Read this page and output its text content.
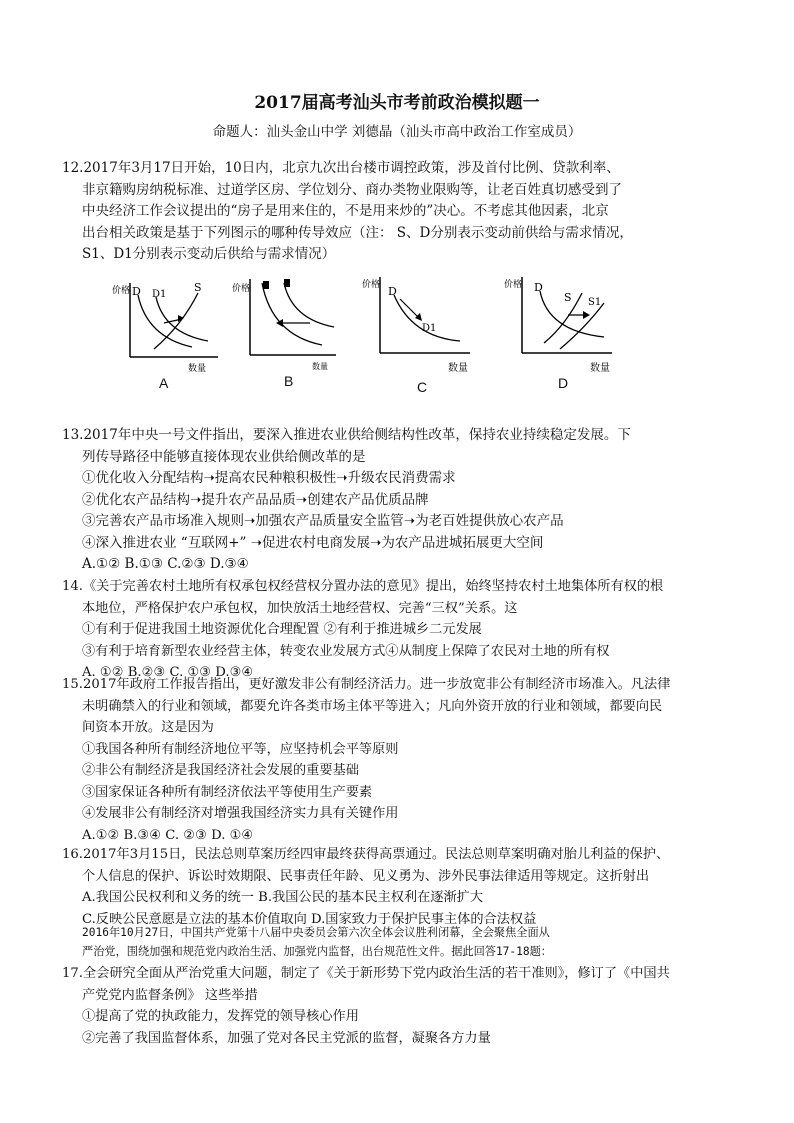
2017届高考汕头市考前政治模拟题一
命题人：汕头金山中学 刘德晶（汕头市高中政治工作室成员）

12.2017年3月17日开始，10日内，北京九次出台楼市调控政策，涉及首付比例、贷款利率、

非京籍购房纳税标准、过道学区房、学位划分、商办类物业限购等，让老百姓真切感受到了

中央经济工作会议提出的“房子是用来住的，不是用来炒的”决心。不考虑其他因素，北京

出台相关政策是基于下列图示的哪种传导效应（注： S、D分别表示变动前供给与需求情况，

S1、D1分别表示变动后供给与需求情况）

D D1
S
价格
数量
A
价格
数量
B
D
D1
价格
数量
C
D
S S1
价格
数量
D

13.2017年中央一号文件指出，要深入推进农业供给侧结构性改革，保持农业持续稳定发展。下

列传导路径中能够直接体现农业供给侧改革的是

①优化收入分配结构➝提高农民种粮积极性➝升级农民消费需求

②优化农产品结构➝提升农产品品质➝创建农产品优质品牌

③完善农产品市场准入规则➝加强农产品质量安全监管➝为老百姓提供放心农产品

④深入推进农业 “互联网+” ➝促进农村电商发展➝为农产品进城拓展更大空间

A.①② B.①③ C.②③ D.③④

14.《关于完善农村土地所有权承包权经营权分置办法的意见》提出，始终坚持农村土地集体所有权的根

本地位，严格保护农户承包权，加快放活土地经营权、完善“三权”关系。这

①有利于促进我国土地资源优化合理配置 ②有利于推进城乡二元发展

③有利于培育新型农业经营主体，转变农业发展方式④从制度上保障了农民对土地的所有权

A. ①② B.②③ C. ①③ D.③④

15.2017年政府工作报告指出，更好激发非公有制经济活力。进一步放宽非公有制经济市场准入。凡法律

未明确禁入的行业和领域，都要允许各类市场主体平等进入；凡向外资开放的行业和领域，都要向民

间资本开放。这是因为

①我国各种所有制经济地位平等，应坚持机会平等原则

②非公有制经济是我国经济社会发展的重要基础

③国家保证各种所有制经济依法平等使用生产要素

④发展非公有制经济对增强我国经济实力具有关键作用

A.①② B.③④ C. ②③ D. ①④

16.2017年3月15日，民法总则草案历经四审最终获得高票通过。民法总则草案明确对胎儿利益的保护、

个人信息的保护、诉讼时效期限、民事责任年龄、见义勇为、涉外民事法律适用等规定。这折射出

A.我国公民权利和义务的统一 B.我国公民的基本民主权利在逐渐扩大

C.反映公民意愿是立法的基本价值取向 D.国家致力于保护民事主体的合法权益

2016年10月27日，中国共产党第十八届中央委员会第六次全体会议胜利闭幕，全会聚焦全面从

严治党，围绕加强和规范党内政治生活、加强党内监督，出台规范性文件。据此回答17-18题：

17.全会研究全面从严治党重大问题，制定了《关于新形势下党内政治生活的若干准则》，修订了《中国共

产党党内监督条例》 这些举措

①提高了党的执政能力，发挥党的领导核心作用

②完善了我国监督体系，加强了党对各民主党派的监督，凝聚各方力量
